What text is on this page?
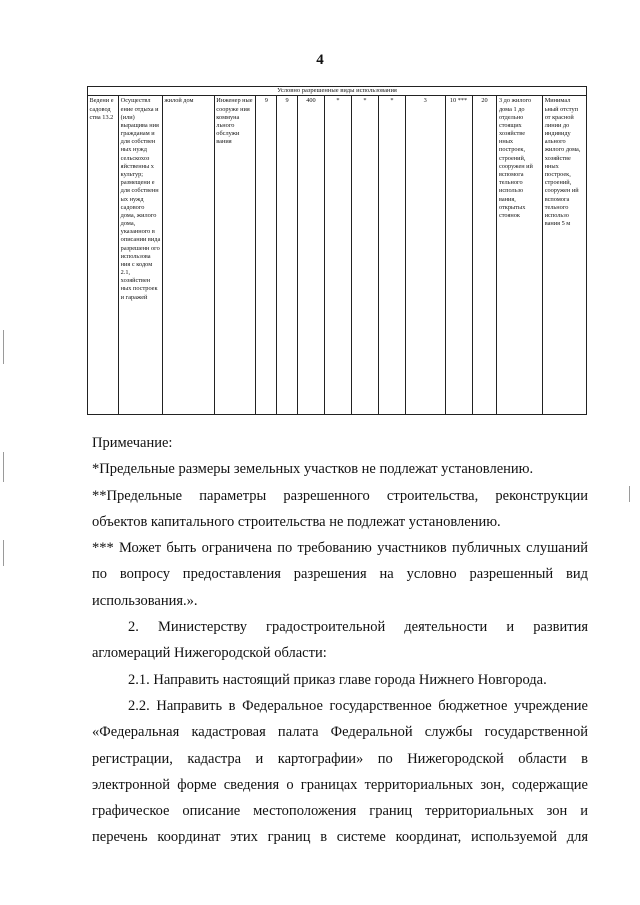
4
Условно разрешенные виды использования
Ведени е садовод ства 13.2	Осуществл ение отдыха и (или) выращива ния гражданам и для собствен ных нужд сельскохоз яйственны х культур; размещени е для собственн ых нужд садового дома, жилого дома, указанного в описании вида разрешенн ого использова ния с кодом 2.1, хозяйствен ных построек и гаражей	жилой дом	Инженер ные сооруже ния коммуна льного обслужи вания	9	9	400	*	*	*	3	10 ***	20	3 до жилого дома 1 до отдельно стоящих хозяйстве нных построек, строений, сооружен ий вспомога тельного использо вания, открытых стоянок	Минимал ьный отступ от красной линии до индивиду ального жилого дома, хозяйстве нных построек, строений, сооружен ий вспомога тельного использо вания 5 м

Примечание:

*Предельные размеры земельных участков не подлежат установлению.

**Предельные параметры разрешенного строительства, реконструкции объектов капитального строительства не подлежат установлению.

*** Может быть ограничена по требованию участников публичных слушаний по вопросу предоставления разрешения на условно разрешенный вид использования.».

2. Министерству градостроительной деятельности и развития агломераций Нижегородской области:

2.1. Направить настоящий приказ главе города Нижнего Новгорода.

2.2. Направить в Федеральное государственное бюджетное учреждение «Федеральная кадастровая палата Федеральной службы государственной регистрации, кадастра и картографии» по Нижегородской области в электронной форме сведения о границах территориальных зон, содержащие графическое описание местоположения границ территориальных зон и перечень координат этих границ в системе координат, используемой для
